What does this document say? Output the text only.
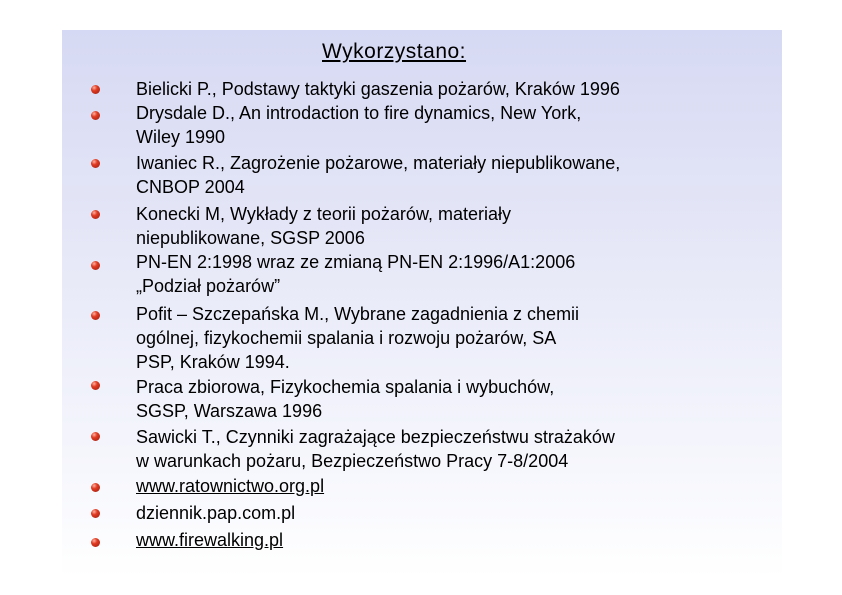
Wykorzystano:
Bielicki P., Podstawy taktyki gaszenia pożarów, Kraków 1996
Drysdale D., An introdaction to fire dynamics, New York,
Wiley 1990
Iwaniec R., Zagrożenie pożarowe, materiały niepublikowane,
CNBOP 2004
Konecki M, Wykłady z teorii pożarów, materiały
niepublikowane, SGSP 2006
PN-EN 2:1998 wraz ze zmianą PN-EN 2:1996/A1:2006
„Podział pożarów”
Pofit – Szczepańska M., Wybrane zagadnienia z chemii
ogólnej, fizykochemii spalania i rozwoju pożarów, SA
PSP, Kraków 1994.
Praca zbiorowa, Fizykochemia spalania i wybuchów,
SGSP, Warszawa 1996
Sawicki T., Czynniki zagrażające bezpieczeństwu strażaków
w warunkach pożaru, Bezpieczeństwo Pracy 7-8/2004
www.ratownictwo.org.pl
dziennik.pap.com.pl
www.firewalking.pl
